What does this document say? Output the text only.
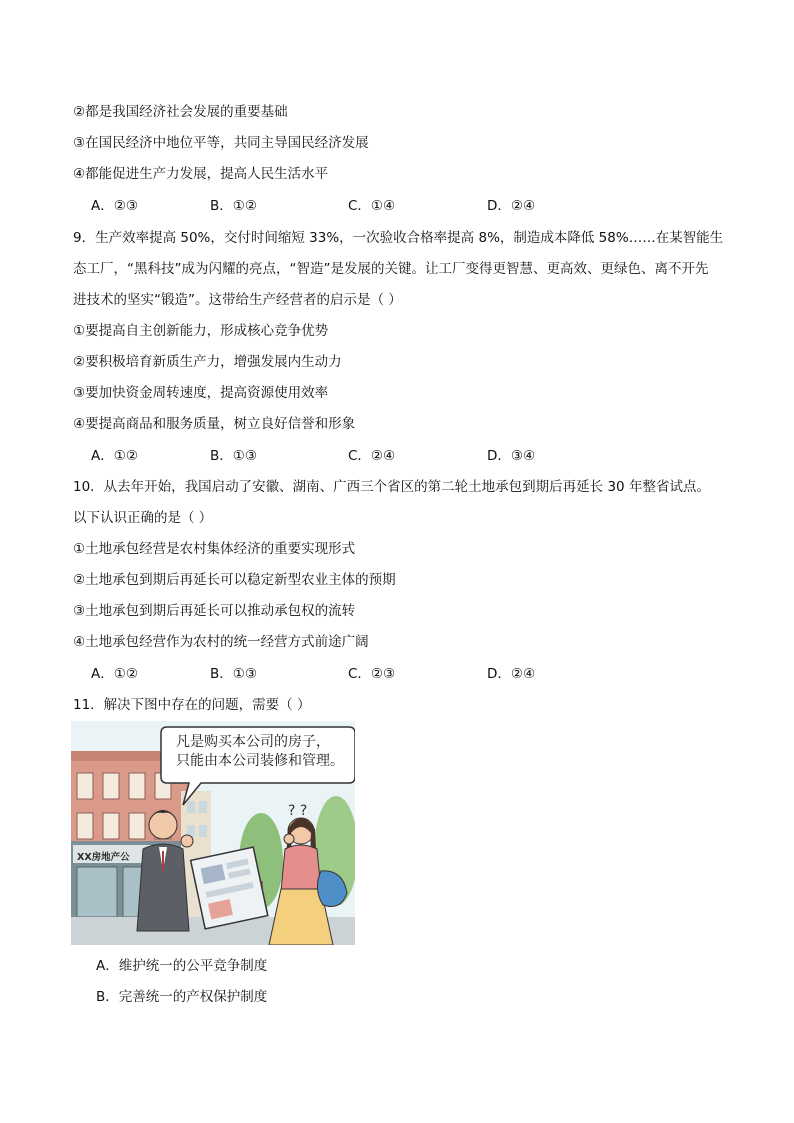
②都是我国经济社会发展的重要基础
③在国民经济中地位平等，共同主导国民经济发展
④都能促进生产力发展，提高人民生活水平
A．②③	B．①②	C．①④	D．②④
9．生产效率提高 50%，交付时间缩短 33%，一次验收合格率提高 8%，制造成本降低 58%……在某智能生
态工厂，“黑科技”成为闪耀的亮点，“智造”是发展的关键。让工厂变得更智慧、更高效、更绿色、离不开先
进技术的坚实“锻造”。这带给生产经营者的启示是（ ）
①要提高自主创新能力，形成核心竞争优势
②要积极培育新质生产力，增强发展内生动力
③要加快资金周转速度，提高资源使用效率
④要提高商品和服务质量，树立良好信誉和形象
A．①②	B．①③	C．②④	D．③④
10．从去年开始，我国启动了安徽、湖南、广西三个省区的第二轮土地承包到期后再延长 30 年整省试点。
以下认识正确的是（ ）
①土地承包经营是农村集体经济的重要实现形式
②土地承包到期后再延长可以稳定新型农业主体的预期
③土地承包到期后再延长可以推动承包权的流转
④土地承包经营作为农村的统一经营方式前途广阔
A．①②	B．①③	C．②③	D．②④
11．解决下图中存在的问题，需要（ ）
凡是购买本公司的房子，
只能由本公司装修和管理。
XX房地产公
? ?
A．维护统一的公平竞争制度
B．完善统一的产权保护制度
